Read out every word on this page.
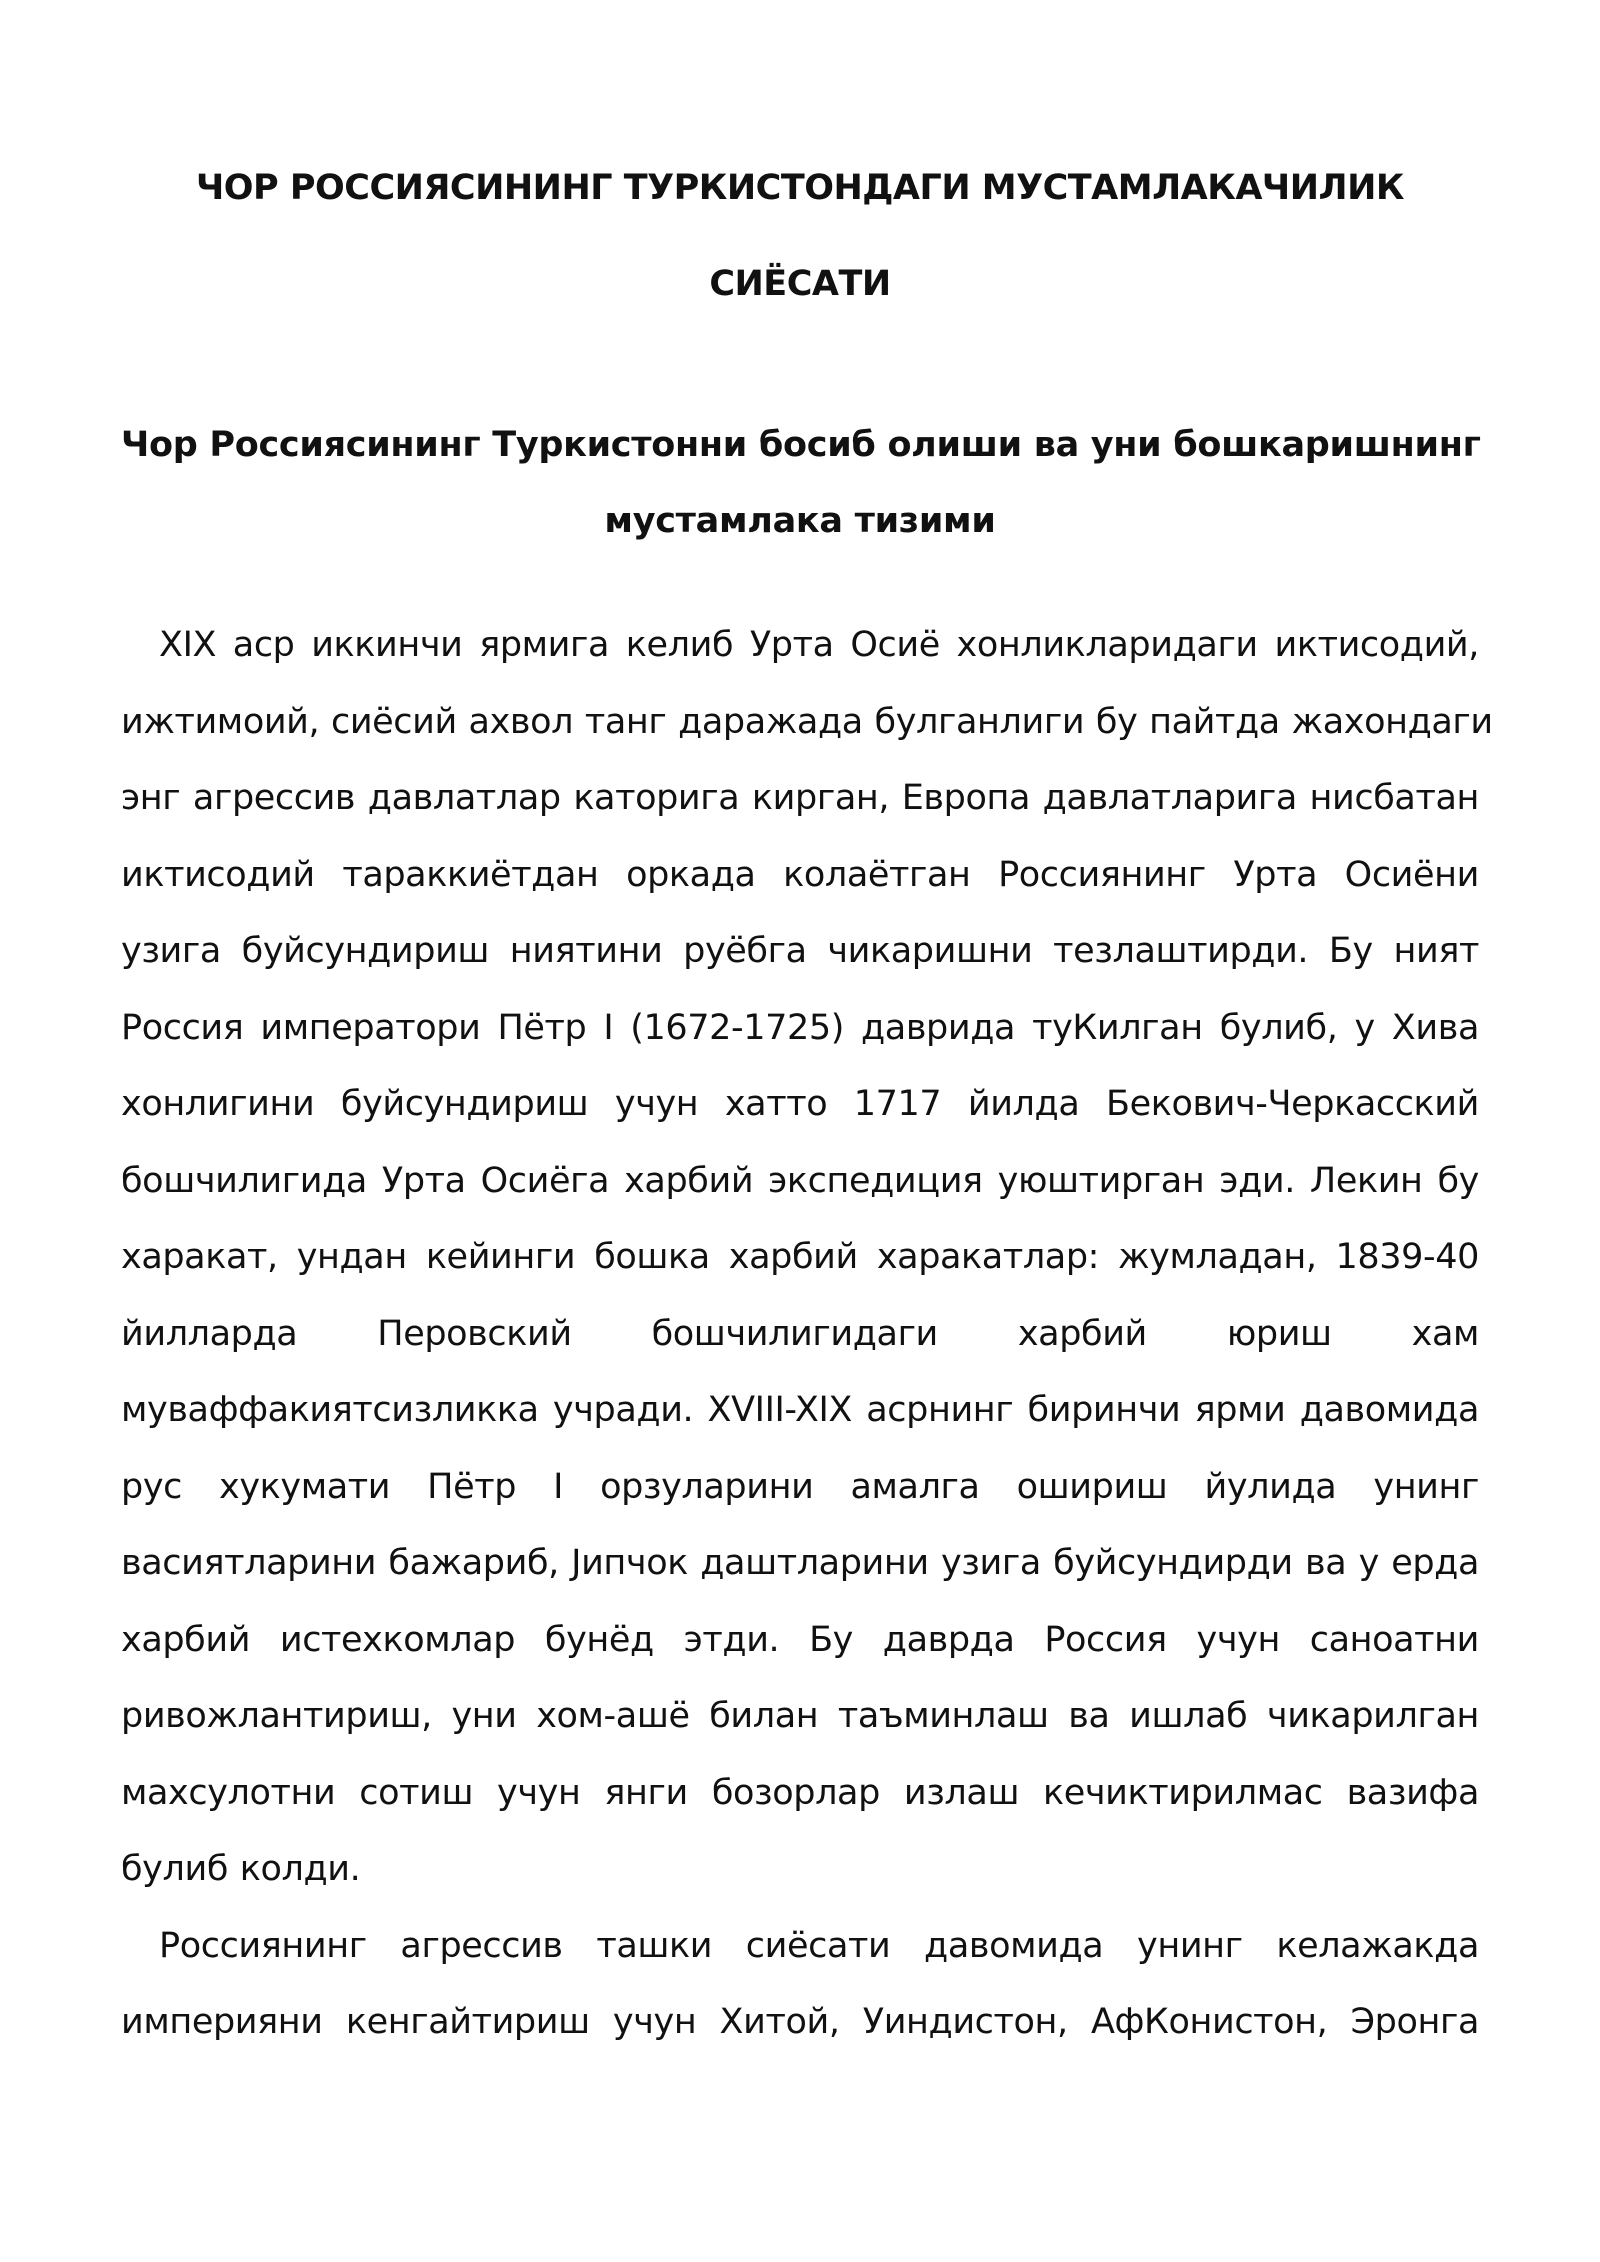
ЧОР РОССИЯСИНИНГ ТУРКИСТОНДАГИ МУСТАМЛАКАЧИЛИК
СИЁСАТИ
Чор Россиясининг Туркистонни босиб олиши ва уни бошкаришнинг
мустамлака тизими

XIX аср иккинчи ярмига келиб Урта Осиё хонликларидаги иктисодий,
ижтимоий, сиёсий ахвол танг даражада булганлиги бу пайтда жахондаги
энг агрессив давлатлар каторига кирган, Европа давлатларига нисбатан
иктисодий тараккиётдан оркада колаётган Россиянинг Урта Осиёни
узига буйсундириш ниятини руёбга чикаришни тезлаштирди. Бу ният
Россия императори Пётр I (1672-1725) даврида туКилган булиб, у Хива
хонлигини буйсундириш учун хатто 1717 йилда Бекович-Черкасский
бошчилигида Урта Осиёга харбий экспедиция уюштирган эди. Лекин бу
харакат, ундан кейинги бошка харбий харакатлар: жумладан, 1839-40
йилларда Перовский бошчилигидаги харбий юриш хам
муваффакиятсизликка учради. XVIII-XIX асрнинг биринчи ярми давомида
рус хукумати Пётр I орзуларини амалга ошириш йулида унинг
васиятларини бажариб, Јипчок даштларини узига буйсундирди ва у ерда
харбий истехкомлар бунёд этди. Бу даврда Россия учун саноатни
ривожлантириш, уни хом-ашё билан таъминлаш ва ишлаб чикарилган
махсулотни сотиш учун янги бозорлар излаш кечиктирилмас вазифа
булиб колди.

Россиянинг агрессив ташки сиёсати давомида унинг келажакда
империяни кенгайтириш учун Хитой, Уиндистон, АфКонистон, Эронга
